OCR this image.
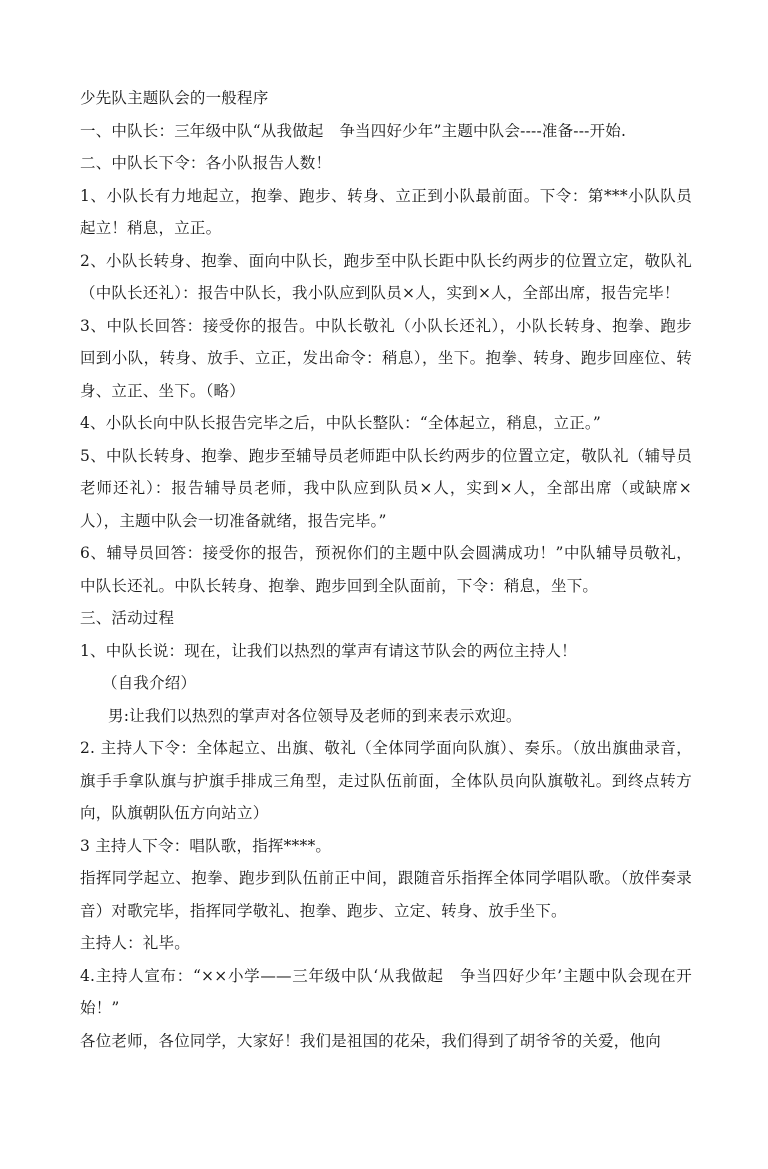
少先队主题队会的一般程序

一、中队长：三年级中队“从我做起　争当四好少年”主题中队会----准备---开始.

二、中队长下令：各小队报告人数！

1、小队长有力地起立，抱拳、跑步、转身、立正到小队最前面。下令：第***小队队员起立！稍息，立正。

2、小队长转身、抱拳、面向中队长，跑步至中队长距中队长约两步的位置立定，敬队礼（中队长还礼）：报告中队长，我小队应到队员×人，实到×人，全部出席，报告完毕！

3、中队长回答：接受你的报告。中队长敬礼（小队长还礼），小队长转身、抱拳、跑步回到小队，转身、放手、立正，发出命令：稍息），坐下。抱拳、转身、跑步回座位、转身、立正、坐下。（略）

4、小队长向中队长报告完毕之后，中队长整队：“全体起立，稍息，立正。”

5、中队长转身、抱拳、跑步至辅导员老师距中队长约两步的位置立定，敬队礼（辅导员老师还礼）：报告辅导员老师，我中队应到队员×人，实到×人，全部出席（或缺席×人），主题中队会一切准备就绪，报告完毕。”

6、辅导员回答：接受你的报告，预祝你们的主题中队会圆满成功！”中队辅导员敬礼，中队长还礼。中队长转身、抱拳、跑步回到全队面前，下令：稍息，坐下。

三、活动过程

1、中队长说：现在，让我们以热烈的掌声有请这节队会的两位主持人！

（自我介绍）

男:让我们以热烈的掌声对各位领导及老师的到来表示欢迎。

2. 主持人下令：全体起立、出旗、敬礼（全体同学面向队旗）、奏乐。（放出旗曲录音，旗手手拿队旗与护旗手排成三角型，走过队伍前面，全体队员向队旗敬礼。到终点转方向，队旗朝队伍方向站立）

3 主持人下令：唱队歌，指挥****。

指挥同学起立、抱拳、跑步到队伍前正中间，跟随音乐指挥全体同学唱队歌。（放伴奏录音）对歌完毕，指挥同学敬礼、抱拳、跑步、立定、转身、放手坐下。

主持人：礼毕。

4.主持人宣布：“××小学——三年级中队‘从我做起　争当四好少年’主题中队会现在开始！”

各位老师，各位同学，大家好！我们是祖国的花朵，我们得到了胡爷爷的关爱，他向
